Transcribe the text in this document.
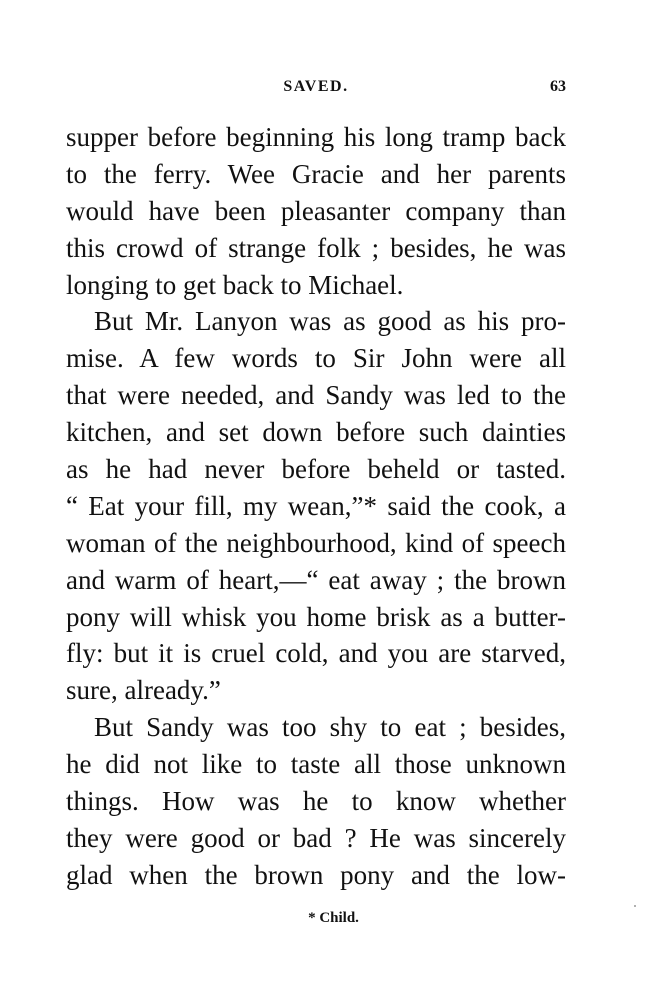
SAVED.	63
supper before beginning his long tramp back
to the ferry. Wee Gracie and her parents
would have been pleasanter company than
this crowd of strange folk ; besides, he was
longing to get back to Michael.
But Mr. Lanyon was as good as his pro-
mise. A few words to Sir John were all
that were needed, and Sandy was led to the
kitchen, and set down before such dainties
as he had never before beheld or tasted.
“ Eat your fill, my wean,”* said the cook, a
woman of the neighbourhood, kind of speech
and warm of heart,—“ eat away ; the brown
pony will whisk you home brisk as a butter-
fly: but it is cruel cold, and you are starved,
sure, already.”
But Sandy was too shy to eat ; besides,
he did not like to taste all those unknown
things. How was he to know whether
they were good or bad ? He was sincerely
glad when the brown pony and the low-
* Child.
